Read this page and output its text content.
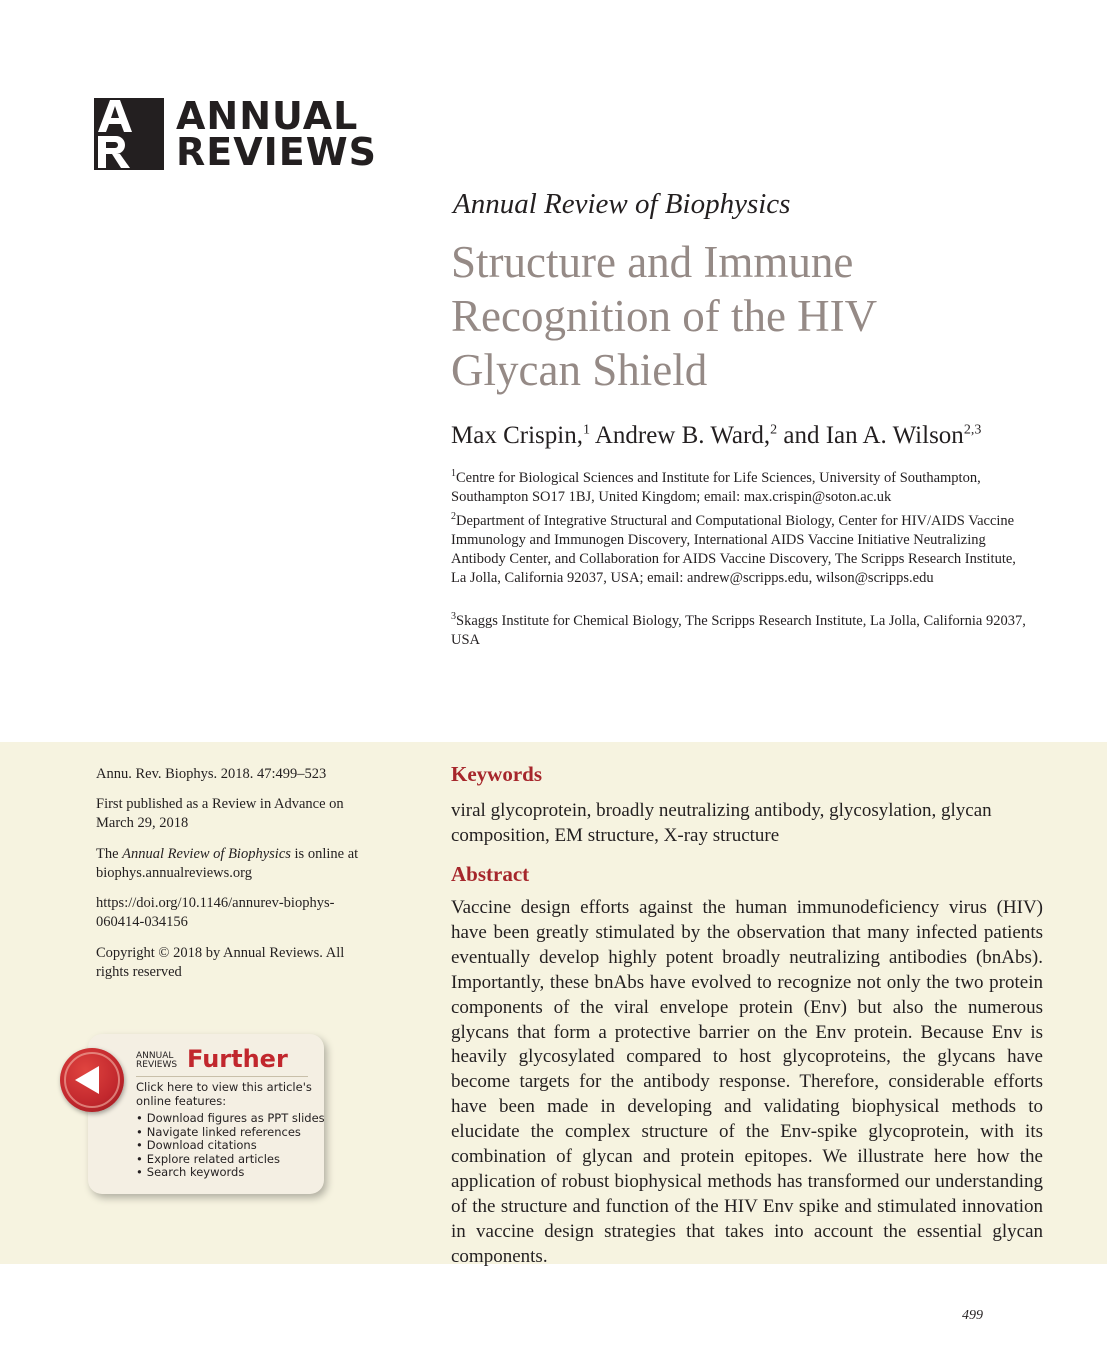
ANNUAL
REVIEWS
Annual Review of Biophysics
Structure and Immune Recognition of the HIV Glycan Shield
Max Crispin,$^1$ Andrew B. Ward,$^2$ and Ian A. Wilson$^{2,3}$
$^1$Centre for Biological Sciences and Institute for Life Sciences, University of Southampton, Southampton SO17 1BJ, United Kingdom; email: max.crispin@soton.ac.uk
$^2$Department of Integrative Structural and Computational Biology, Center for HIV/AIDS Vaccine Immunology and Immunogen Discovery, International AIDS Vaccine Initiative Neutralizing Antibody Center, and Collaboration for AIDS Vaccine Discovery, The Scripps Research Institute, La Jolla, California 92037, USA; email: andrew@scripps.edu, wilson@scripps.edu
$^3$Skaggs Institute for Chemical Biology, The Scripps Research Institute, La Jolla, California 92037, USA
Annu. Rev. Biophys. 2018. 47:499–523
First published as a Review in Advance on March 29, 2018
The Annual Review of Biophysics is online at biophys.annualreviews.org
https://doi.org/10.1146/annurev-biophys-060414-034156
Copyright © 2018 by Annual Reviews. All rights reserved
Keywords
viral glycoprotein, broadly neutralizing antibody, glycosylation, glycan composition, EM structure, X-ray structure
Abstract
Vaccine design efforts against the human immunodeficiency virus (HIV) have been greatly stimulated by the observation that many infected patients eventually develop highly potent broadly neutralizing antibodies (bnAbs). Importantly, these bnAbs have evolved to recognize not only the two protein components of the viral envelope protein (Env) but also the numerous glycans that form a protective barrier on the Env protein. Because Env is heavily glycosylated compared to host glycoproteins, the glycans have become targets for the antibody response. Therefore, considerable efforts have been made in developing and validating biophysical methods to elucidate the complex structure of the Env-spike glycoprotein, with its combination of glycan and protein epitopes. We illustrate here how the application of robust biophysical methods has transformed our understanding of the structure and function of the HIV Env spike and stimulated innovation in vaccine design strategies that takes into account the essential glycan components.
ANNUAL
REVIEWS Further
Click here to view this article's online features:
• Download figures as PPT slides
• Navigate linked references
• Download citations
• Explore related articles
• Search keywords
499
